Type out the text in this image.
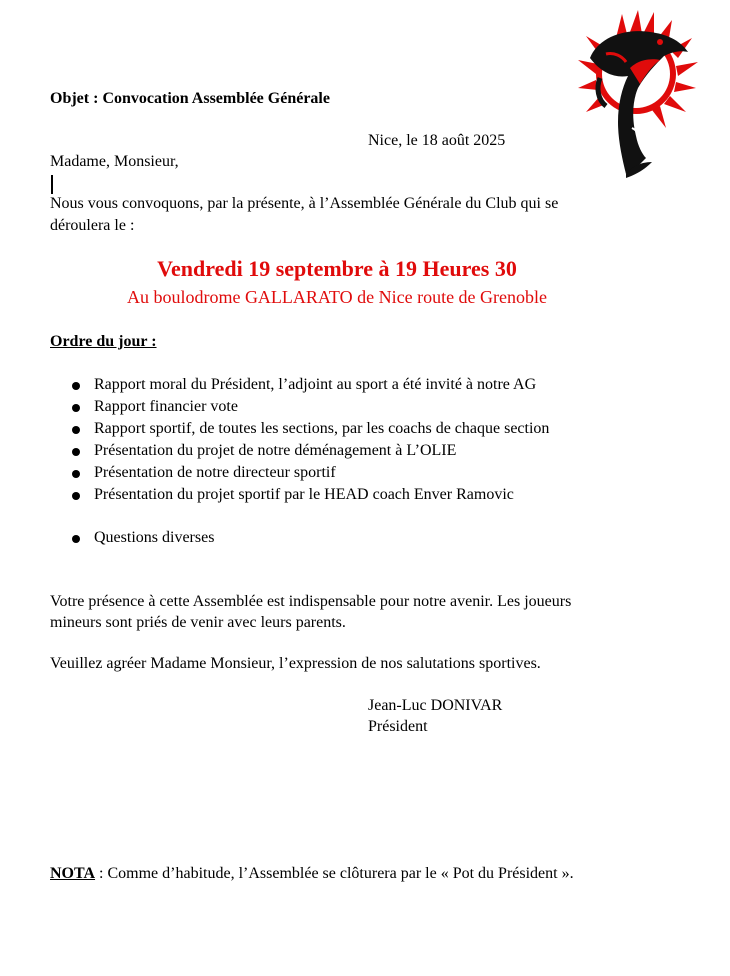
Objet : Convocation Assemblée Générale
Nice, le 18 août 2025
Madame, Monsieur,
Nous vous convoquons, par la présente, à l’Assemblée Générale du Club qui se
déroulera le :
Vendredi 19 septembre à 19 Heures 30
Au boulodrome GALLARATO de Nice route de Grenoble
Ordre du jour :
Rapport moral du Président, l’adjoint au sport a été invité à notre AG
Rapport financier vote
Rapport sportif, de toutes les sections, par les coachs de chaque section
Présentation du projet de notre déménagement à L’OLIE
Présentation de notre directeur sportif
Présentation du projet sportif par le HEAD coach Enver Ramovic
Questions diverses
Votre présence à cette Assemblée est indispensable pour notre avenir. Les joueurs
mineurs sont priés de venir avec leurs parents.
Veuillez agréer Madame Monsieur, l’expression de nos salutations sportives.
Jean-Luc DONIVAR
Président
NOTA : Comme d’habitude, l’Assemblée se clôturera par le « Pot du Président ».
